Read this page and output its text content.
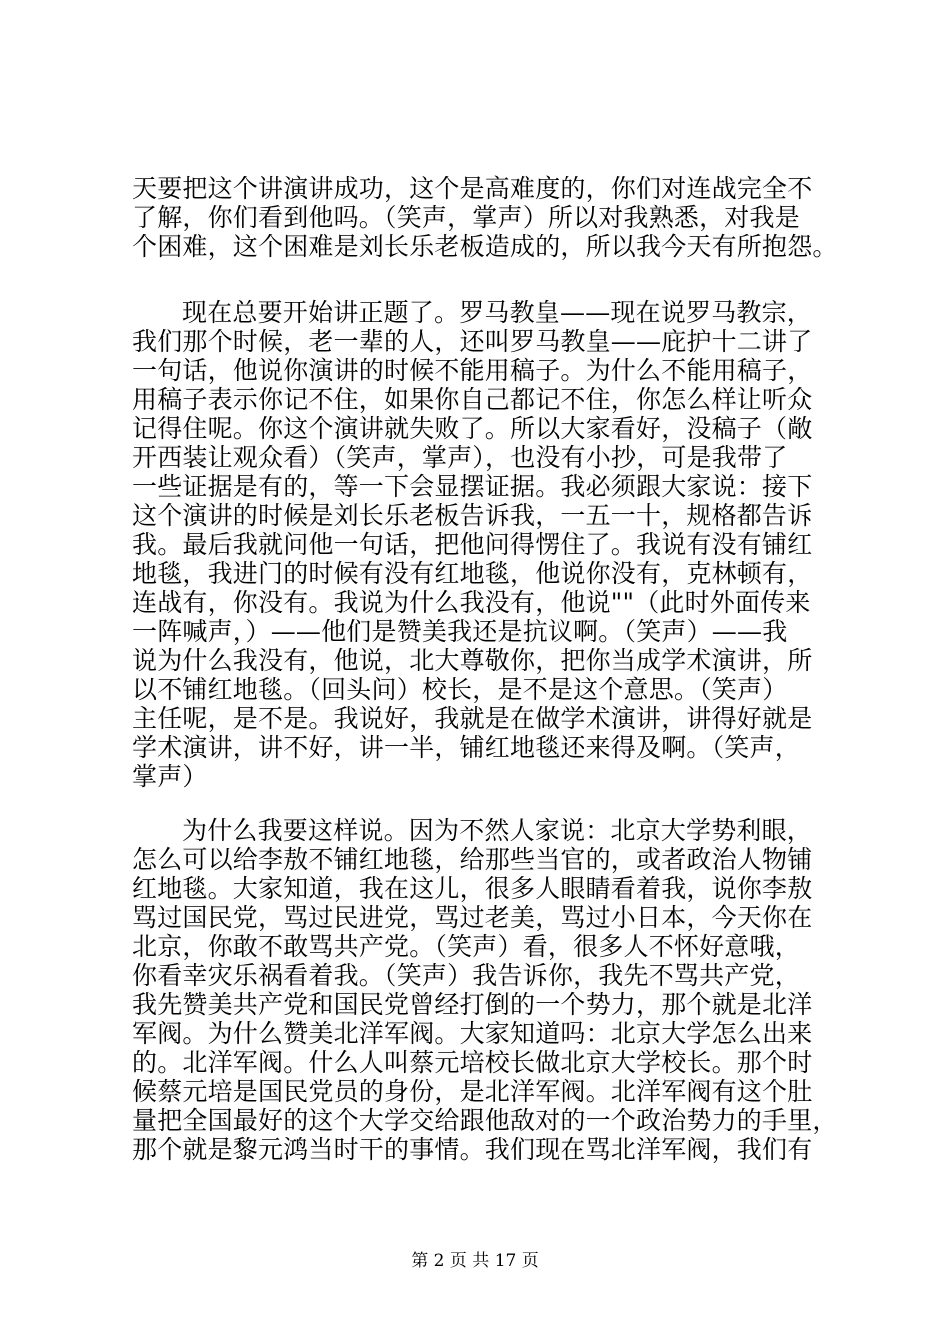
天要把这个讲演讲成功，这个是高难度的，你们对连战完全不
了解，你们看到他吗。（笑声，掌声）所以对我熟悉，对我是
个困难，这个困难是刘长乐老板造成的，所以我今天有所抱怨。
现在总要开始讲正题了。罗马教皇——现在说罗马教宗，
我们那个时候，老一辈的人，还叫罗马教皇——庇护十二讲了
一句话，他说你演讲的时候不能用稿子。为什么不能用稿子，
用稿子表示你记不住，如果你自己都记不住，你怎么样让听众
记得住呢。你这个演讲就失败了。所以大家看好，没稿子（敞
开西装让观众看）（笑声，掌声），也没有小抄，可是我带了
一些证据是有的，等一下会显摆证据。我必须跟大家说：接下
这个演讲的时候是刘长乐老板告诉我，一五一十，规格都告诉
我。最后我就问他一句话，把他问得愣住了。我说有没有铺红
地毯，我进门的时候有没有红地毯，他说你没有，克林顿有，
连战有，你没有。我说为什么我没有，他说""（此时外面传来
一阵喊声，）——他们是赞美我还是抗议啊。（笑声）——我
说为什么我没有，他说，北大尊敬你，把你当成学术演讲，所
以不铺红地毯。（回头问）校长，是不是这个意思。（笑声）
主任呢，是不是。我说好，我就是在做学术演讲，讲得好就是
学术演讲，讲不好，讲一半，铺红地毯还来得及啊。（笑声，
掌声）
为什么我要这样说。因为不然人家说：北京大学势利眼，
怎么可以给李敖不铺红地毯，给那些当官的，或者政治人物铺
红地毯。大家知道，我在这儿，很多人眼睛看着我，说你李敖
骂过国民党，骂过民进党，骂过老美，骂过小日本，今天你在
北京，你敢不敢骂共产党。（笑声）看，很多人不怀好意哦，
你看幸灾乐祸看着我。（笑声）我告诉你，我先不骂共产党，
我先赞美共产党和国民党曾经打倒的一个势力，那个就是北洋
军阀。为什么赞美北洋军阀。大家知道吗：北京大学怎么出来
的。北洋军阀。什么人叫蔡元培校长做北京大学校长。那个时
候蔡元培是国民党员的身份，是北洋军阀。北洋军阀有这个肚
量把全国最好的这个大学交给跟他敌对的一个政治势力的手里，
那个就是黎元鸿当时干的事情。我们现在骂北洋军阀，我们有
第 2 页 共 17 页
